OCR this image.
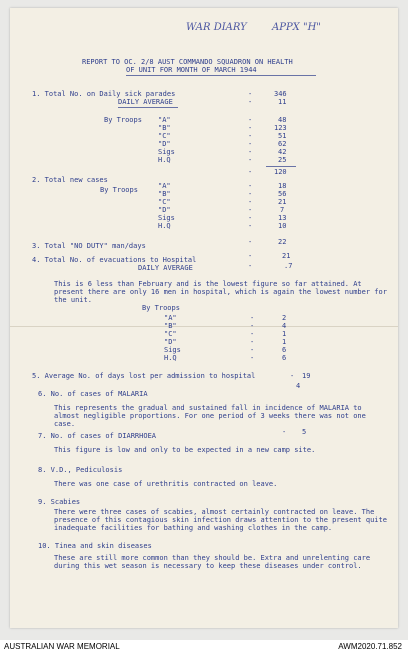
WAR DIARY	APPX "H"
REPORT TO OC. 2/8 AUST COMMANDO SQUADRON ON HEALTH
OF UNIT FOR MONTH OF MARCH 1944
1. Total No. on Daily sick parades	-	346
DAILY AVERAGE	-	11
By Troops "A"	-	48
"B"	-	123
"C"	-	51
"D"	-	62
Sigs	-	42
H.Q	-	25
-	120
2. Total new cases
By Troops	"A"	-	18
"B"	-	56
"C"	-	21
"D"	-	7
Sigs	-	13
H.Q	-	10
3. Total "NO DUTY" man/days	-	22
4. Total No. of evacuations to Hospital	-	21
DAILY AVERAGE	-	.7
This is 6 less than February and is the lowest figure so far attained. At present there are only 16 men in hospital, which is again the lowest number for the unit.
By Troops
"A"	-	2
"B"	-	4
"C"	-	1
"D"	-	1
Sigs	-	6
H.Q	-	6
5. Average No. of days lost per admission to hospital	- 19
4
6. No. of cases of MALARIA
This represents the gradual and sustained fall in incidence of MALARIA to almost negligible proportions. For one period of 3 weeks there was not one case.
7. No. of cases of DIARRHOEA	- 5
This figure is low and only to be expected in a new camp site.
8. V.D., Pediculosis
There was one case of urethritis contracted on leave.
9. Scabies
There were three cases of scabies, almost certainly contracted on leave. The presence of this contagious skin infection draws attention to the present quite inadequate facilities for bathing and washing clothes in the camp.
10. Tinea and skin diseases
These are still more common than they should be. Extra and unrelenting care during this wet season is necessary to keep these diseases under control.
AUSTRALIAN WAR MEMORIAL	AWM2020.71.852
